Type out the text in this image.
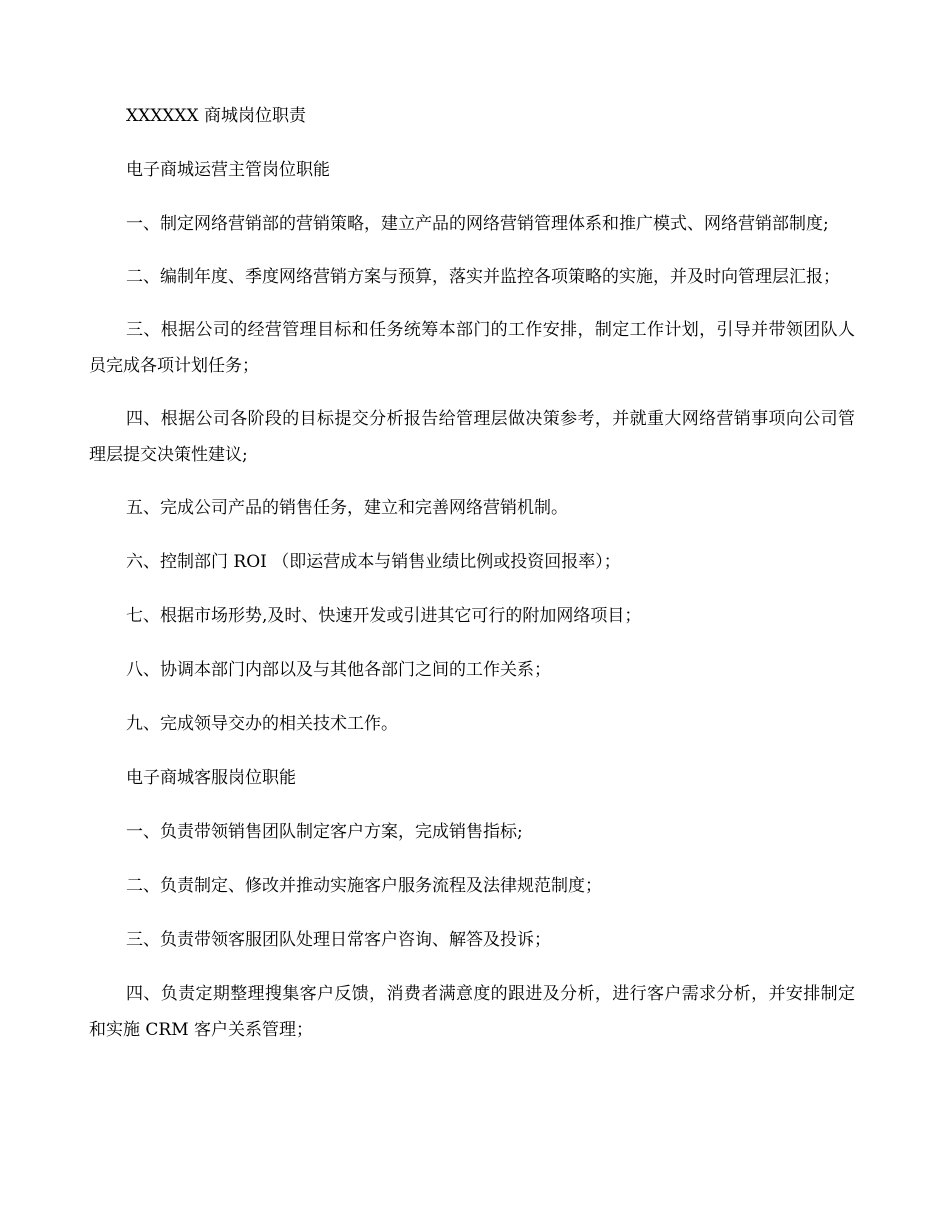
XXXXXX 商城岗位职责

电子商城运营主管岗位职能

一、制定网络营销部的营销策略，建立产品的网络营销管理体系和推广模式、网络营销部制度;

二、编制年度、季度网络营销方案与预算，落实并监控各项策略的实施，并及时向管理层汇报；

三、根据公司的经营管理目标和任务统筹本部门的工作安排，制定工作计划，引导并带领团队人员完成各项计划任务；

四、根据公司各阶段的目标提交分析报告给管理层做决策参考，并就重大网络营销事项向公司管理层提交决策性建议;

五、完成公司产品的销售任务，建立和完善网络营销机制。

六、控制部门 ROI （即运营成本与销售业绩比例或投资回报率）；

七、根据市场形势,及时、快速开发或引进其它可行的附加网络项目；

八、协调本部门内部以及与其他各部门之间的工作关系；

九、完成领导交办的相关技术工作。

电子商城客服岗位职能

一、负责带领销售团队制定客户方案，完成销售指标;

二、负责制定、修改并推动实施客户服务流程及法律规范制度；

三、负责带领客服团队处理日常客户咨询、解答及投诉；

四、负责定期整理搜集客户反馈，消费者满意度的跟进及分析，进行客户需求分析，并安排制定和实施 CRM 客户关系管理；
